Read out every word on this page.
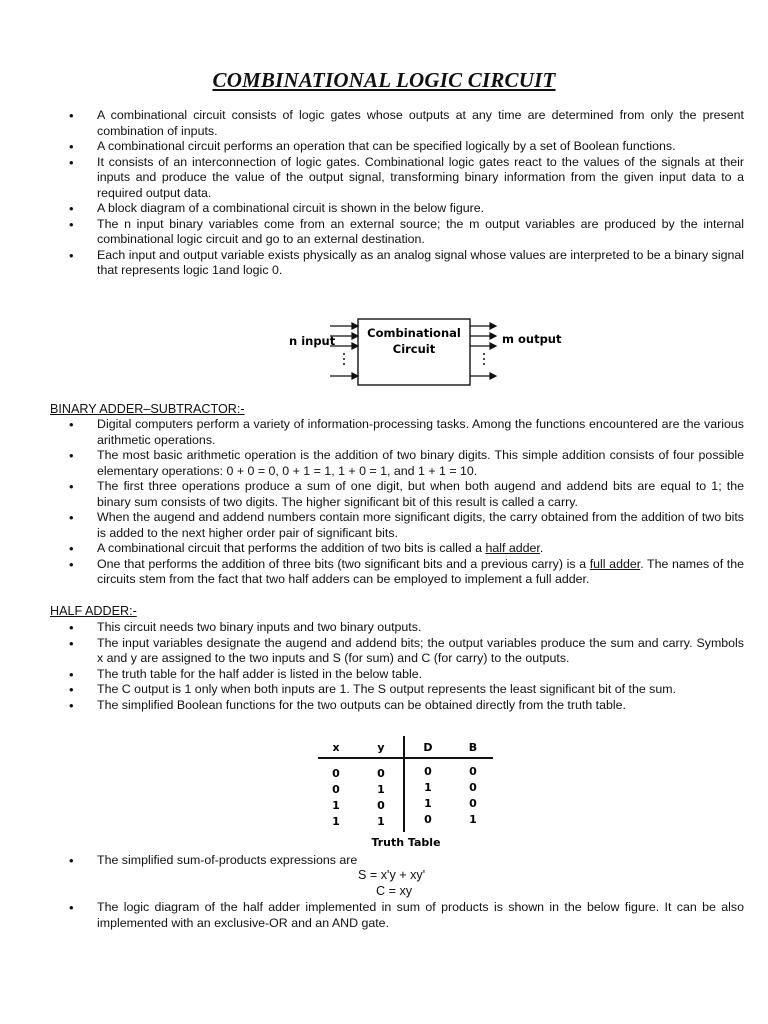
COMBINATIONAL LOGIC CIRCUIT
• A combinational circuit consists of logic gates whose outputs at any time are determined from only the present combination of inputs.
• A combinational circuit performs an operation that can be specified logically by a set of Boolean functions.
• It consists of an interconnection of logic gates. Combinational logic gates react to the values of the signals at their inputs and produce the value of the output signal, transforming binary information from the given input data to a required output data.
• A block diagram of a combinational circuit is shown in the below figure.
• The n input binary variables come from an external source; the m output variables are produced by the internal combinational logic circuit and go to an external destination.
• Each input and output variable exists physically as an analog signal whose values are interpreted to be a binary signal that represents logic 1and logic 0.
Combinational
Circuit
n input	m output
BINARY ADDER–SUBTRACTOR:-
• Digital computers perform a variety of information-processing tasks. Among the functions encountered are the various arithmetic operations.
• The most basic arithmetic operation is the addition of two binary digits. This simple addition consists of four possible elementary operations: 0 + 0 = 0, 0 + 1 = 1, 1 + 0 = 1, and 1 + 1 = 10.
• The first three operations produce a sum of one digit, but when both augend and addend bits are equal to 1; the binary sum consists of two digits. The higher significant bit of this result is called a carry.
• When the augend and addend numbers contain more significant digits, the carry obtained from the addition of two bits is added to the next higher order pair of significant bits.
• A combinational circuit that performs the addition of two bits is called a half adder.
• One that performs the addition of three bits (two significant bits and a previous carry) is a full adder. The names of the circuits stem from the fact that two half adders can be employed to implement a full adder.
HALF ADDER:-
• This circuit needs two binary inputs and two binary outputs.
• The input variables designate the augend and addend bits; the output variables produce the sum and carry. Symbols x and y are assigned to the two inputs and S (for sum) and C (for carry) to the outputs.
• The truth table for the half adder is listed in the below table.
• The C output is 1 only when both inputs are 1. The S output represents the least significant bit of the sum.
• The simplified Boolean functions for the two outputs can be obtained directly from the truth table.
x	y	D	B
0	0	0	0
0	1	1	0
1	0	1	0
1	1	0	1
Truth Table
• The simplified sum-of-products expressions are
S = x'y + xy'
C = xy
• The logic diagram of the half adder implemented in sum of products is shown in the below figure. It can be also implemented with an exclusive-OR and an AND gate.
